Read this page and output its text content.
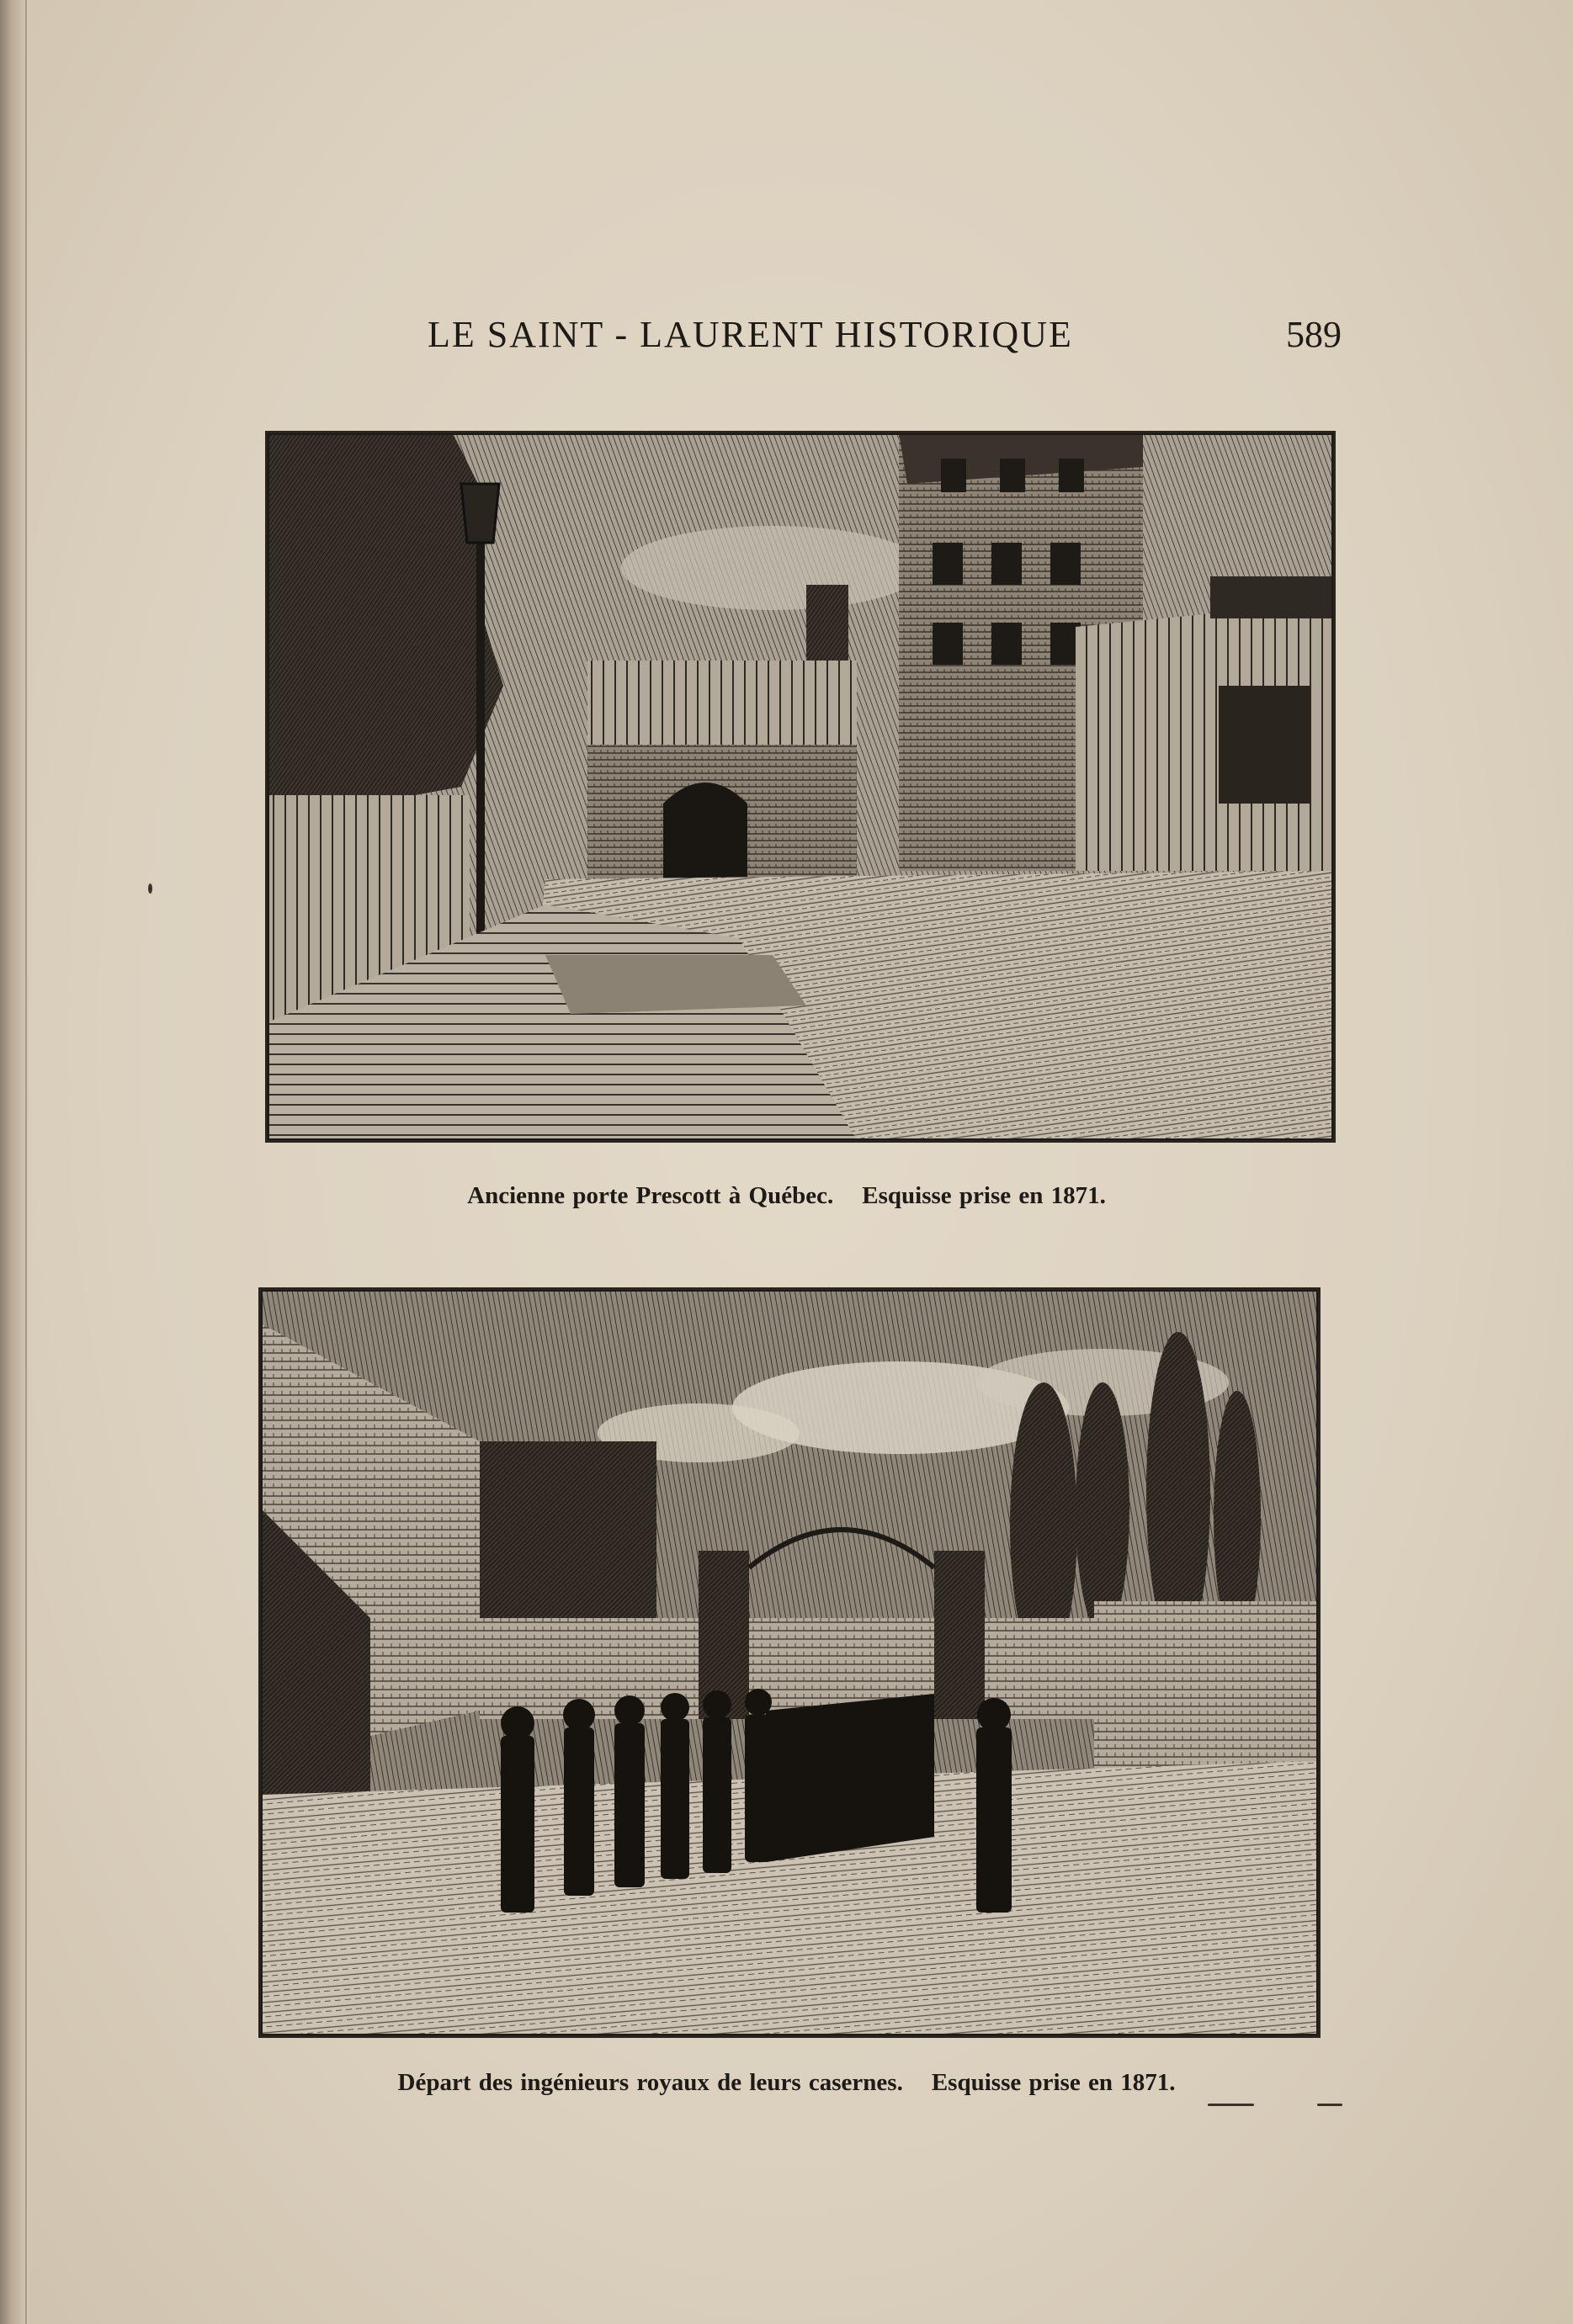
LE SAINT - LAURENT HISTORIQUE	589
Ancienne porte Prescott à Québec. Esquisse prise en 1871.
Départ des ingénieurs royaux de leurs casernes. Esquisse prise en 1871.
